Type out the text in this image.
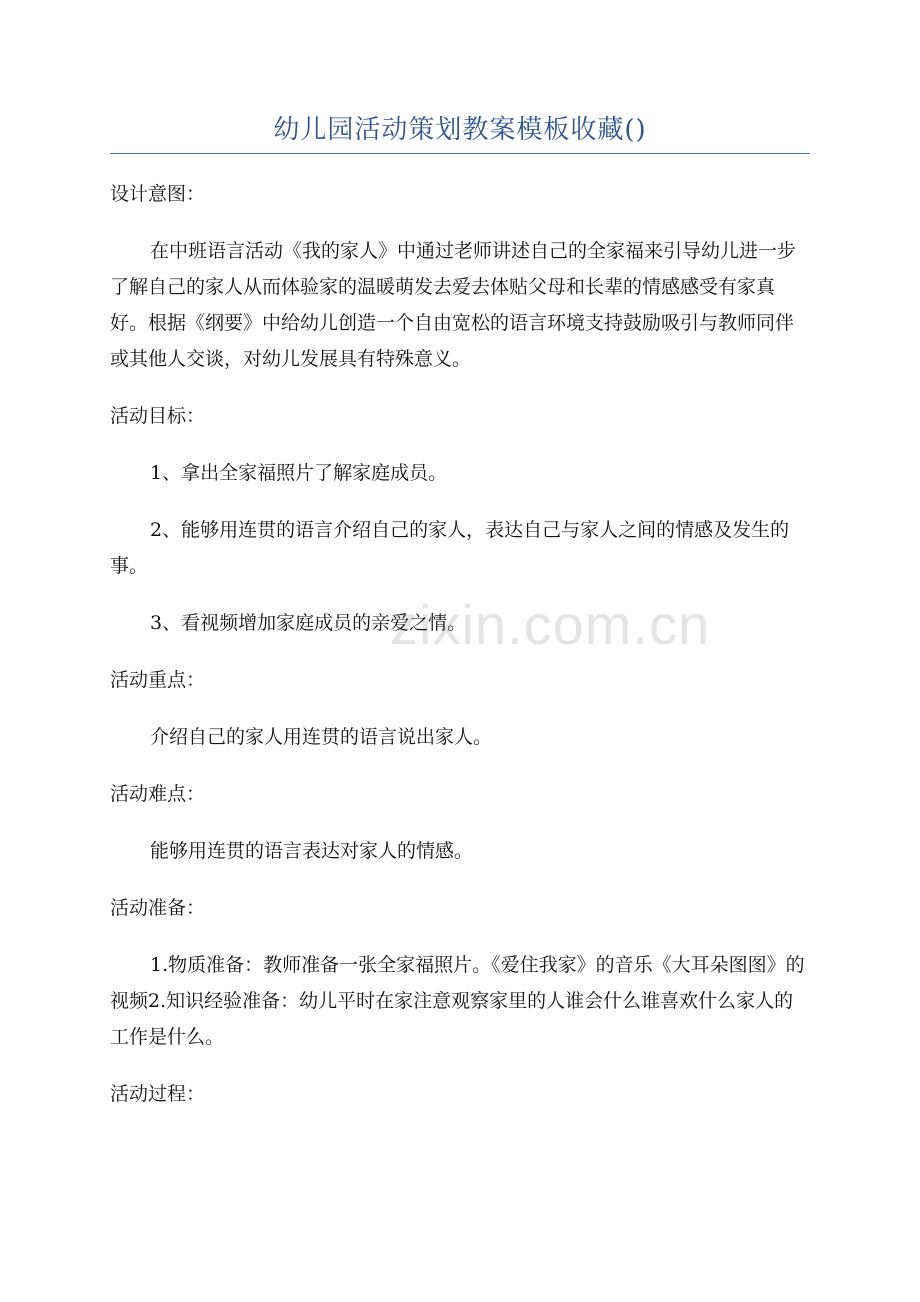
幼儿园活动策划教案模板收藏()
zixin.com.cn

设计意图：

在中班语言活动《我的家人》中通过老师讲述自己的全家福来引导幼儿进一步了解自己的家人从而体验家的温暖萌发去爱去体贴父母和长辈的情感感受有家真好。根据《纲要》中给幼儿创造一个自由宽松的语言环境支持鼓励吸引与教师同伴或其他人交谈，对幼儿发展具有特殊意义。

活动目标：

1、拿出全家福照片了解家庭成员。

2、能够用连贯的语言介绍自己的家人，表达自己与家人之间的情感及发生的事。

3、看视频增加家庭成员的亲爱之情。

活动重点：

介绍自己的家人用连贯的语言说出家人。

活动难点：

能够用连贯的语言表达对家人的情感。

活动准备：

1.物质准备：教师准备一张全家福照片。《爱住我家》的音乐《大耳朵图图》的视频2.知识经验准备：幼儿平时在家注意观察家里的人谁会什么谁喜欢什么家人的工作是什么。

活动过程：
